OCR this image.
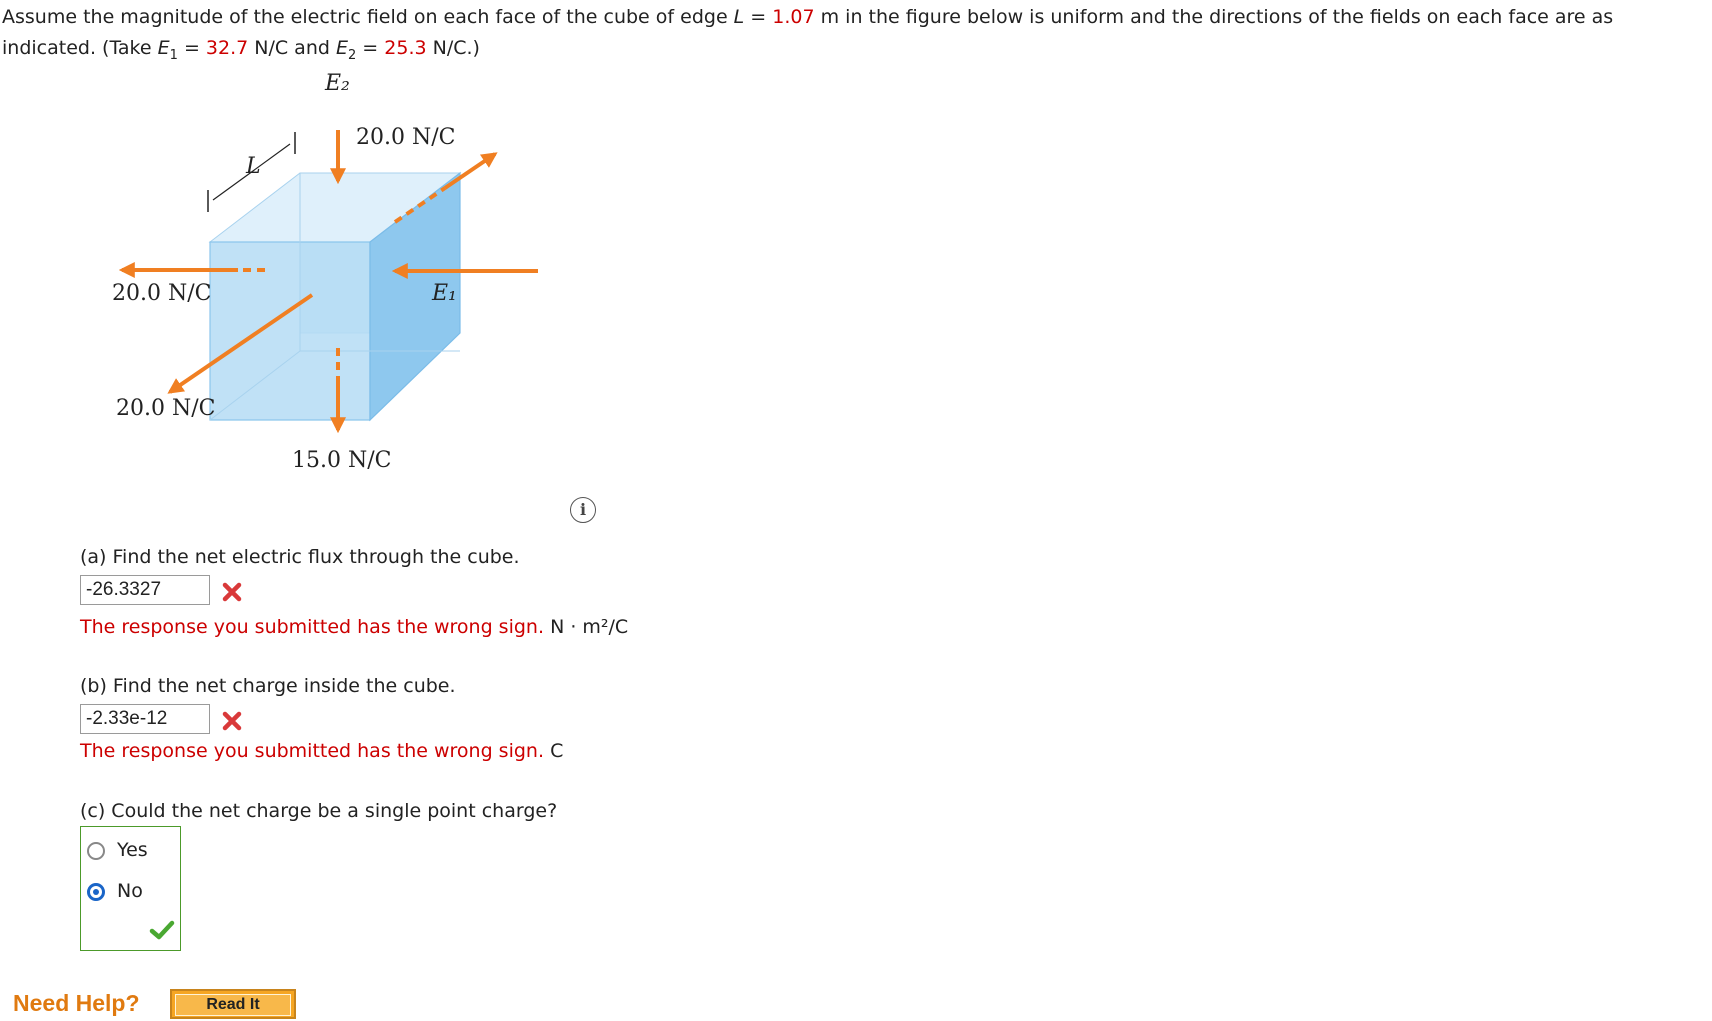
Assume the magnitude of the electric field on each face of the cube of edge L = 1.07 m in the figure below is uniform and the directions of the fields on each face are as indicated. (Take $E_1 = 32.7$ N/C and $E_2 = 25.3$ N/C.)
L
E₂
20.0 N/C
20.0 N/C	E₁
20.0 N/C
15.0 N/C
i
(a) Find the net electric flux through the cube.
-26.3327
The response you submitted has the wrong sign. N · m²/C
(b) Find the net charge inside the cube.
-2.33e-12
The response you submitted has the wrong sign. C
(c) Could the net charge be a single point charge?
Yes
No
Need Help?	Read It
